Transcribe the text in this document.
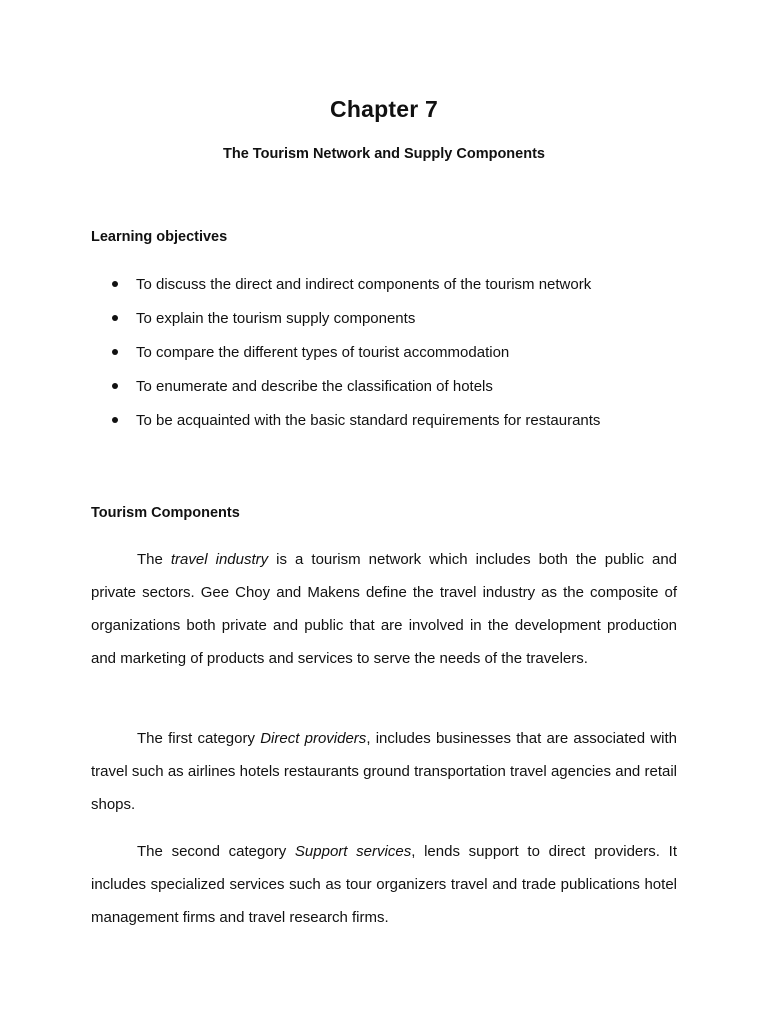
Chapter 7
The Tourism Network and Supply Components
Learning objectives
To discuss the direct and indirect components of the tourism network
To explain the tourism supply components
To compare the different types of tourist accommodation
To enumerate and describe the classification of hotels
To be acquainted with the basic standard requirements for restaurants
Tourism Components

The travel industry is a tourism network which includes both the public and private sectors. Gee Choy and Makens define the travel industry as the composite of organizations both private and public that are involved in the development production and marketing of products and services to serve the needs of the travelers.

The first category Direct providers, includes businesses that are associated with travel such as airlines hotels restaurants ground transportation travel agencies and retail shops.

The second category Support services, lends support to direct providers. It includes specialized services such as tour organizers travel and trade publications hotel management firms and travel research firms.
